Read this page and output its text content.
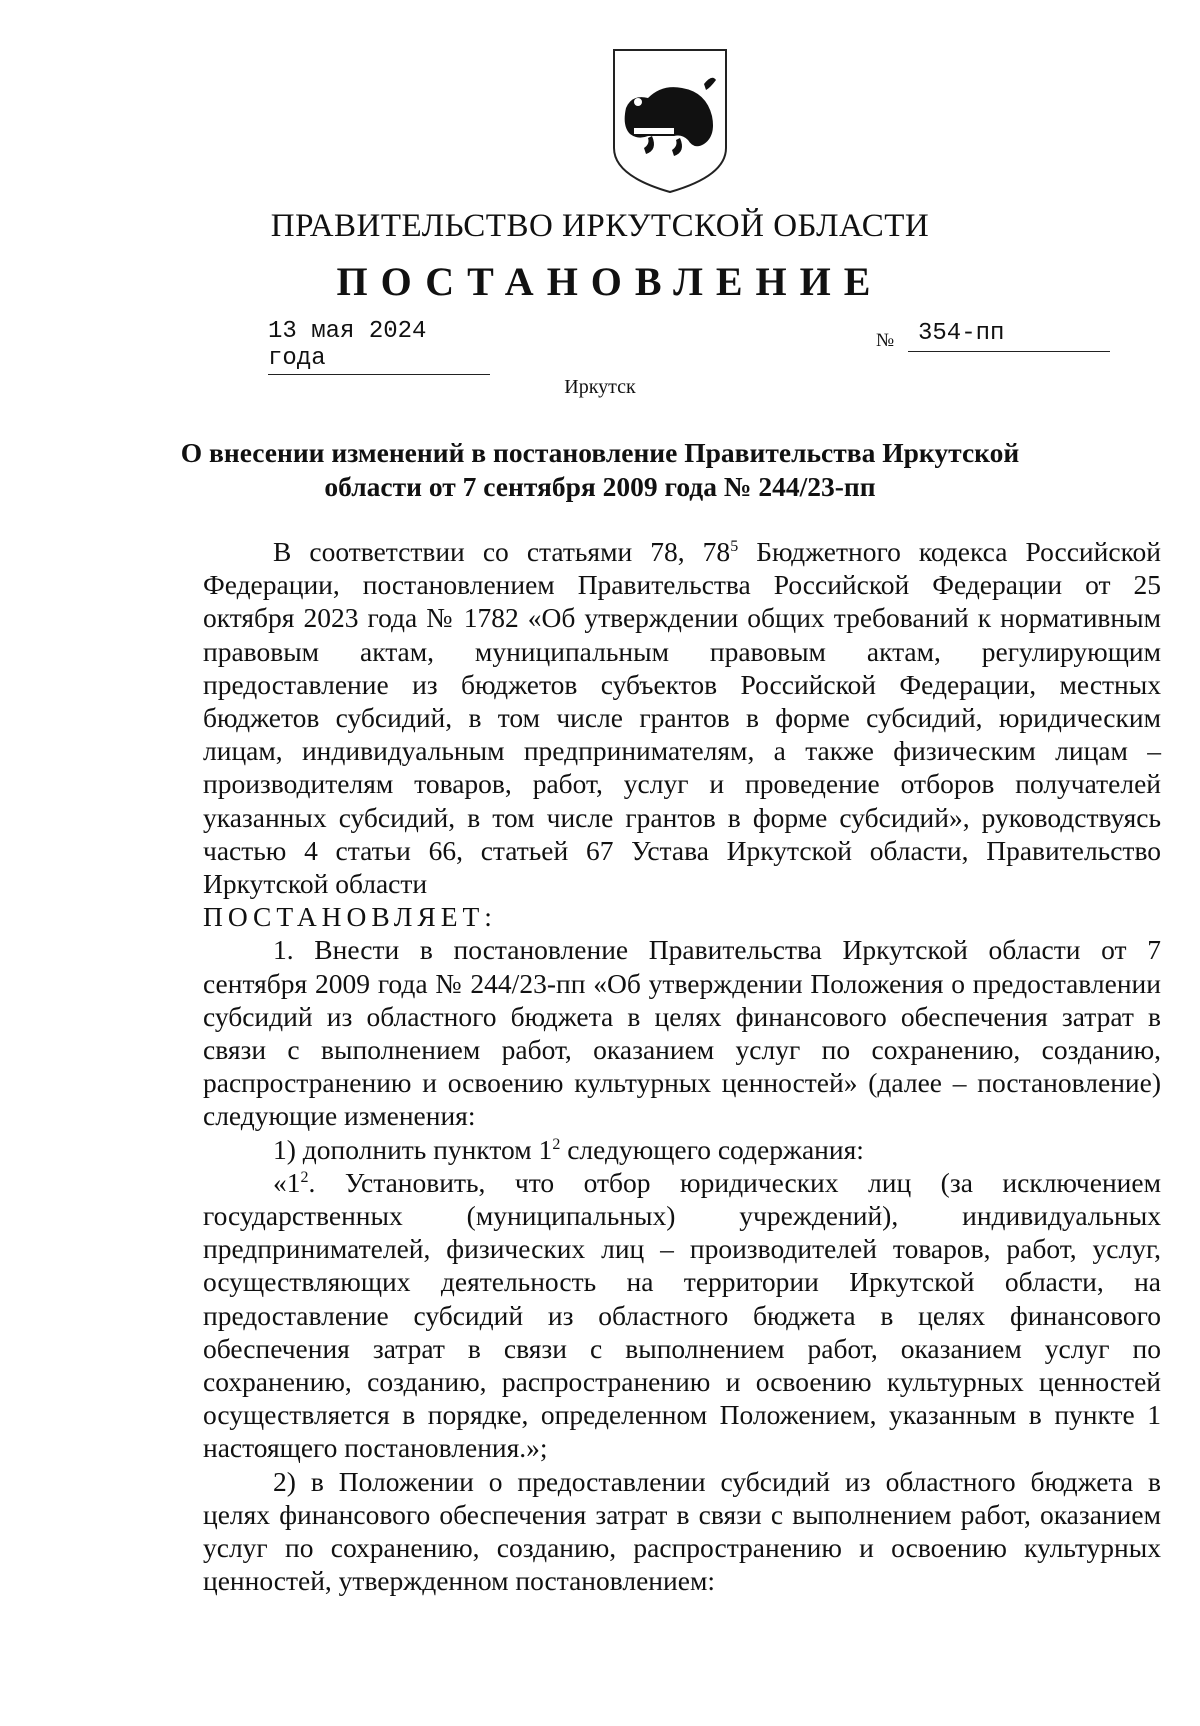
ПРАВИТЕЛЬСТВО ИРКУТСКОЙ ОБЛАСТИ
ПОСТАНОВЛЕНИЕ
13 мая 2024 года
№ 354-пп
Иркутск
О внесении изменений в постановление Правительства Иркутской
области от 7 сентября 2009 года № 244/23-пп

В соответствии со статьями 78, $78^5$ Бюджетного кодекса Российской Федерации, постановлением Правительства Российской Федерации от 25 октября 2023 года № 1782 «Об утверждении общих требований к нормативным правовым актам, муниципальным правовым актам, регулирующим предоставление из бюджетов субъектов Российской Федерации, местных бюджетов субсидий, в том числе грантов в форме субсидий, юридическим лицам, индивидуальным предпринимателям, а также физическим лицам – производителям товаров, работ, услуг и проведение отборов получателей указанных субсидий, в том числе грантов в форме субсидий», руководствуясь частью 4 статьи 66, статьей 67 Устава Иркутской области, Правительство Иркутской области

ПОСТАНОВЛЯЕТ:

1. Внести в постановление Правительства Иркутской области от 7 сентября 2009 года № 244/23-пп «Об утверждении Положения о предоставлении субсидий из областного бюджета в целях финансового обеспечения затрат в связи с выполнением работ, оказанием услуг по сохранению, созданию, распространению и освоению культурных ценностей» (далее – постановление) следующие изменения:

1) дополнить пунктом $1^2$ следующего содержания:

«$1^2$. Установить, что отбор юридических лиц (за исключением государственных (муниципальных) учреждений), индивидуальных предпринимателей, физических лиц – производителей товаров, работ, услуг, осуществляющих деятельность на территории Иркутской области, на предоставление субсидий из областного бюджета в целях финансового обеспечения затрат в связи с выполнением работ, оказанием услуг по сохранению, созданию, распространению и освоению культурных ценностей осуществляется в порядке, определенном Положением, указанным в пункте 1 настоящего постановления.»;

2) в Положении о предоставлении субсидий из областного бюджета в целях финансового обеспечения затрат в связи с выполнением работ, оказанием услуг по сохранению, созданию, распространению и освоению культурных ценностей, утвержденном постановлением:
